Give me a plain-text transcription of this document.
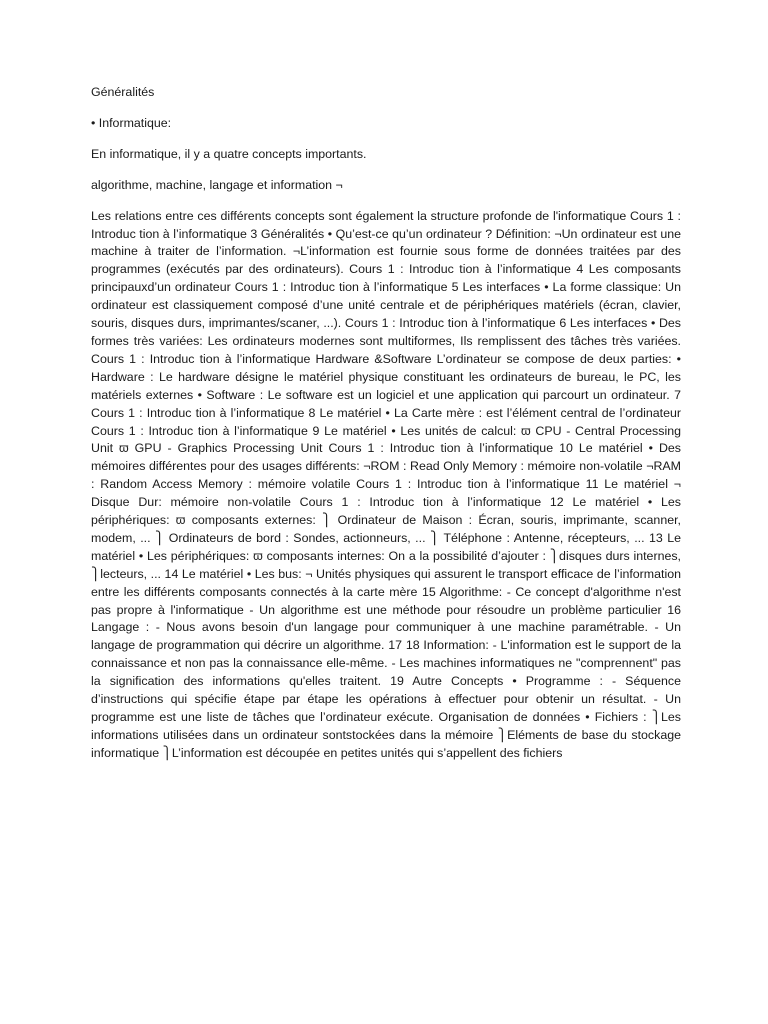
Généralités

• Informatique:

En informatique, il y a quatre concepts importants.

algorithme, machine, langage et information ¬

Les relations entre ces différents concepts sont également la structure profonde de l'informatique Cours 1 : Introduc tion à l’informatique 3 Généralités • Qu’est-ce qu’un ordinateur ? Définition: ¬Un ordinateur est une machine à traiter de l’information. ¬L’information est fournie sous forme de données traitées par des programmes (exécutés par des ordinateurs). Cours 1 : Introduc tion à l’informatique 4 Les composants principauxd’un ordinateur Cours 1 : Introduc tion à l’informatique 5 Les interfaces • La forme classique: Un ordinateur est classiquement composé d’une unité centrale et de périphériques matériels (écran, clavier, souris, disques durs, imprimantes/scaner, ...). Cours 1 : Introduc tion à l’informatique 6 Les interfaces • Des formes très variées: Les ordinateurs modernes sont multiformes, Ils remplissent des tâches très variées. Cours 1 : Introduc tion à l’informatique Hardware &Software L’ordinateur se compose de deux parties: • Hardware : Le hardware désigne le matériel physique constituant les ordinateurs de bureau, le PC, les matériels externes • Software : Le software est un logiciel et une application qui parcourt un ordinateur. 7 Cours 1 : Introduc tion à l’informatique 8 Le matériel • La Carte mère : est l’élément central de l’ordinateur Cours 1 : Introduc tion à l’informatique 9 Le matériel • Les unités de calcul: ϖ CPU - Central Processing Unit ϖ GPU - Graphics Processing Unit Cours 1 : Introduc tion à l’informatique 10 Le matériel • Des mémoires différentes pour des usages différents: ¬ROM : Read Only Memory : mémoire non-volatile ¬RAM : Random Access Memory : mémoire volatile Cours 1 : Introduc tion à l’informatique 11 Le matériel ¬ Disque Dur: mémoire non-volatile Cours 1 : Introduc tion à l’informatique 12 Le matériel • Les périphériques: ϖ composants externes: ⎫ Ordinateur de Maison : Écran, souris, imprimante, scanner, modem, ... ⎫ Ordinateurs de bord : Sondes, actionneurs, ... ⎫ Téléphone : Antenne, récepteurs, ... 13 Le matériel • Les périphériques: ϖ composants internes: On a la possibilité d’ajouter : ⎫disques durs internes, ⎫lecteurs, ... 14 Le matériel • Les bus: ¬ Unités physiques qui assurent le transport efficace de l’information entre les différents composants connectés à la carte mère 15 Algorithme: - Ce concept d'algorithme n'est pas propre à l'informatique - Un algorithme est une méthode pour résoudre un problème particulier 16 Langage : - Nous avons besoin d'un langage pour communiquer à une machine paramétrable. - Un langage de programmation qui décrire un algorithme. 17 18 Information: - L'information est le support de la connaissance et non pas la connaissance elle-même. - Les machines informatiques ne "comprennent" pas la signification des informations qu'elles traitent. 19 Autre Concepts • Programme : - Séquence d’instructions qui spécifie étape par étape les opérations à effectuer pour obtenir un résultat. - Un programme est une liste de tâches que l’ordinateur exécute. Organisation de données • Fichiers : ⎫Les informations utilisées dans un ordinateur sontstockées dans la mémoire ⎫Eléments de base du stockage informatique ⎫L’information est découpée en petites unités qui s’appellent des fichiers
